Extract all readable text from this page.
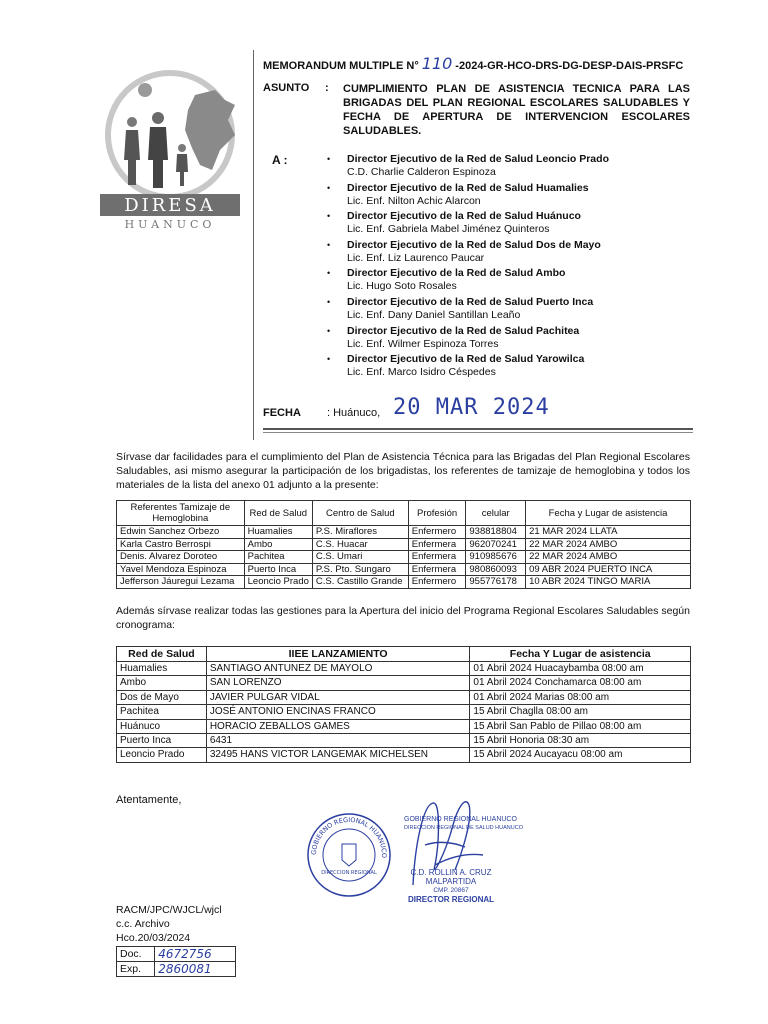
DIRESA
HUANUCO
MEMORANDUM MULTIPLE N° 110 -2024-GR-HCO-DRS-DG-DESP-DAIS-PRSFC
ASUNTO : CUMPLIMIENTO PLAN DE ASISTENCIA TECNICA PARA LAS BRIGADAS DEL PLAN REGIONAL ESCOLARES SALUDABLES Y FECHA DE APERTURA DE INTERVENCION ESCOLARES SALUDABLES.
A :	• Director Ejecutivo de la Red de Salud Leoncio Prado
C.D. Charlie Calderon Espinoza
• Director Ejecutivo de la Red de Salud Huamalies
Lic. Enf. Nilton Achic Alarcon
• Director Ejecutivo de la Red de Salud Huánuco
Lic. Enf. Gabriela Mabel Jiménez Quinteros
• Director Ejecutivo de la Red de Salud Dos de Mayo
Lic. Enf. Liz Laurenco Paucar
• Director Ejecutivo de la Red de Salud Ambo
Lic. Hugo Soto Rosales
• Director Ejecutivo de la Red de Salud Puerto Inca
Lic. Enf. Dany Daniel Santillan Leaño
• Director Ejecutivo de la Red de Salud Pachitea
Lic. Enf. Wilmer Espinoza Torres
• Director Ejecutivo de la Red de Salud Yarowilca
Lic. Enf. Marco Isidro Céspedes
FECHA : Huánuco, 20 MAR 2024
Sírvase dar facilidades para el cumplimiento del Plan de Asistencia Técnica para las Brigadas del Plan Regional Escolares Saludables, asi mismo asegurar la participación de los brigadistas, los referentes de tamizaje de hemoglobina y todos los materiales de la lista del anexo 01 adjunto a la presente:
Referentes Tamizaje de Hemoglobina	Red de Salud	Centro de Salud	Profesión	celular	Fecha y Lugar de asistencia
Edwin Sanchez Orbezo	Huamalies	P.S. Miraflores	Enfermero	938818804	21 MAR 2024 LLATA
Karla Castro Berrospi	Ambo	C.S. Huacar	Enfermera	962070241	22 MAR 2024 AMBO
Denis. Alvarez Doroteo	Pachitea	C.S. Umari	Enfermera	910985676	22 MAR 2024 AMBO
Yavel Mendoza Espinoza	Puerto Inca	P.S. Pto. Sungaro	Enfermera	980860093	09 ABR 2024 PUERTO INCA
Jefferson Jáuregui Lezama	Leoncio Prado	C.S. Castillo Grande	Enfermero	955776178	10 ABR 2024 TINGO MARIA
Además sírvase realizar todas las gestiones para la Apertura del inicio del Programa Regional Escolares Saludables según cronograma:
Red de Salud	IIEE LANZAMIENTO	Fecha Y Lugar de asistencia
Huamalies	SANTIAGO ANTUNEZ DE MAYOLO	01 Abril 2024 Huacaybamba 08:00 am
Ambo	SAN LORENZO	01 Abril 2024 Conchamarca 08:00 am
Dos de Mayo	JAVIER PULGAR VIDAL	01 Abril 2024 Marias 08:00 am
Pachitea	JOSÉ ANTONIO ENCINAS FRANCO	15 Abril Chaglla 08:00 am
Huánuco	HORACIO ZEBALLOS GAMES	15 Abril San Pablo de Pillao 08:00 am
Puerto Inca	6431	15 Abril Honoria 08:30 am
Leoncio Prado	32495 HANS VICTOR LANGEMAK MICHELSEN	15 Abril 2024 Aucayacu 08:00 am
Atentamente,
GOBIERNO REGIONAL HUANUCO
DIRECCION REGIONAL
GOBIERNO REGIONAL HUANUCO
DIRECCION REGIONAL DE SALUD HUANUCO
C.D. ROLLIN A. CRUZ MALPARTIDA
CMP. 20867
DIRECTOR REGIONAL
RACM/JPC/WJCL/wjcl
c.c. Archivo
Hco.20/03/2024
Doc.	4672756
Exp.	2860081
